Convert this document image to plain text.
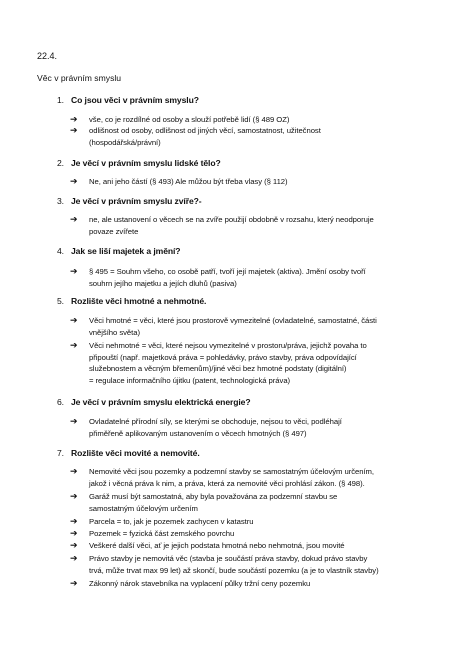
22.4.
Věc v právním smyslu
1. Co jsou věci v právním smyslu?
➔ vše, co je rozdílné od osoby a slouží potřebě lidí (§ 489 OZ)
➔ odlišnost od osoby, odlišnost od jiných věcí, samostatnost, užitečnost
(hospodářská/právní)
2. Je věcí v právním smyslu lidské tělo?
➔ Ne, ani jeho částí (§ 493) Ale můžou být třeba vlasy (§ 112)
3. Je věcí v právním smyslu zvíře?-
➔ ne, ale ustanovení o věcech se na zvíře použijí obdobně v rozsahu, který neodporuje
povaze zvířete
4. Jak se liší majetek a jmění?
➔ § 495 = Souhrn všeho, co osobě patří, tvoří její majetek (aktiva). Jmění osoby tvoří
souhrn jejího majetku a jejích dluhů (pasiva)
5. Rozlište věci hmotné a nehmotné.
➔ Věci hmotné = věci, které jsou prostorově vymezitelné (ovladatelné, samostatné, části
vnějšího světa)
➔ Věci nehmotné = věci, které nejsou vymezitelné v prostoru/práva, jejichž povaha to
připouští (např. majetková práva = pohledávky, právo stavby, práva odpovídající
služebnostem a věcným břemenům)/jiné věci bez hmotné podstaty (digitální)
= regulace informačního újitku (patent, technologická práva)
6. Je věcí v právním smyslu elektrická energie?
➔ Ovladatelné přírodní síly, se kterými se obchoduje, nejsou to věci, podléhají
přiměřeně aplikovaným ustanovením o věcech hmotných (§ 497)
7. Rozlište věci movité a nemovité.
➔ Nemovité věci jsou pozemky a podzemní stavby se samostatným účelovým určením,
jakož i věcná práva k nim, a práva, která za nemovité věci prohlásí zákon. (§ 498).
➔ Garáž musí být samostatná, aby byla považována za podzemní stavbu se
samostatným účelovým určením
➔ Parcela = to, jak je pozemek zachycen v katastru
➔ Pozemek = fyzická část zemského povrchu
➔ Veškeré další věci, ať je jejich podstata hmotná nebo nehmotná, jsou movité
➔ Právo stavby je nemovitá věc (stavba je součástí práva stavby, dokud právo stavby
trvá, může trvat max 99 let) až skončí, bude součástí pozemku (a je to vlastník stavby)
➔ Zákonný nárok stavebníka na vyplacení půlky tržní ceny pozemku
